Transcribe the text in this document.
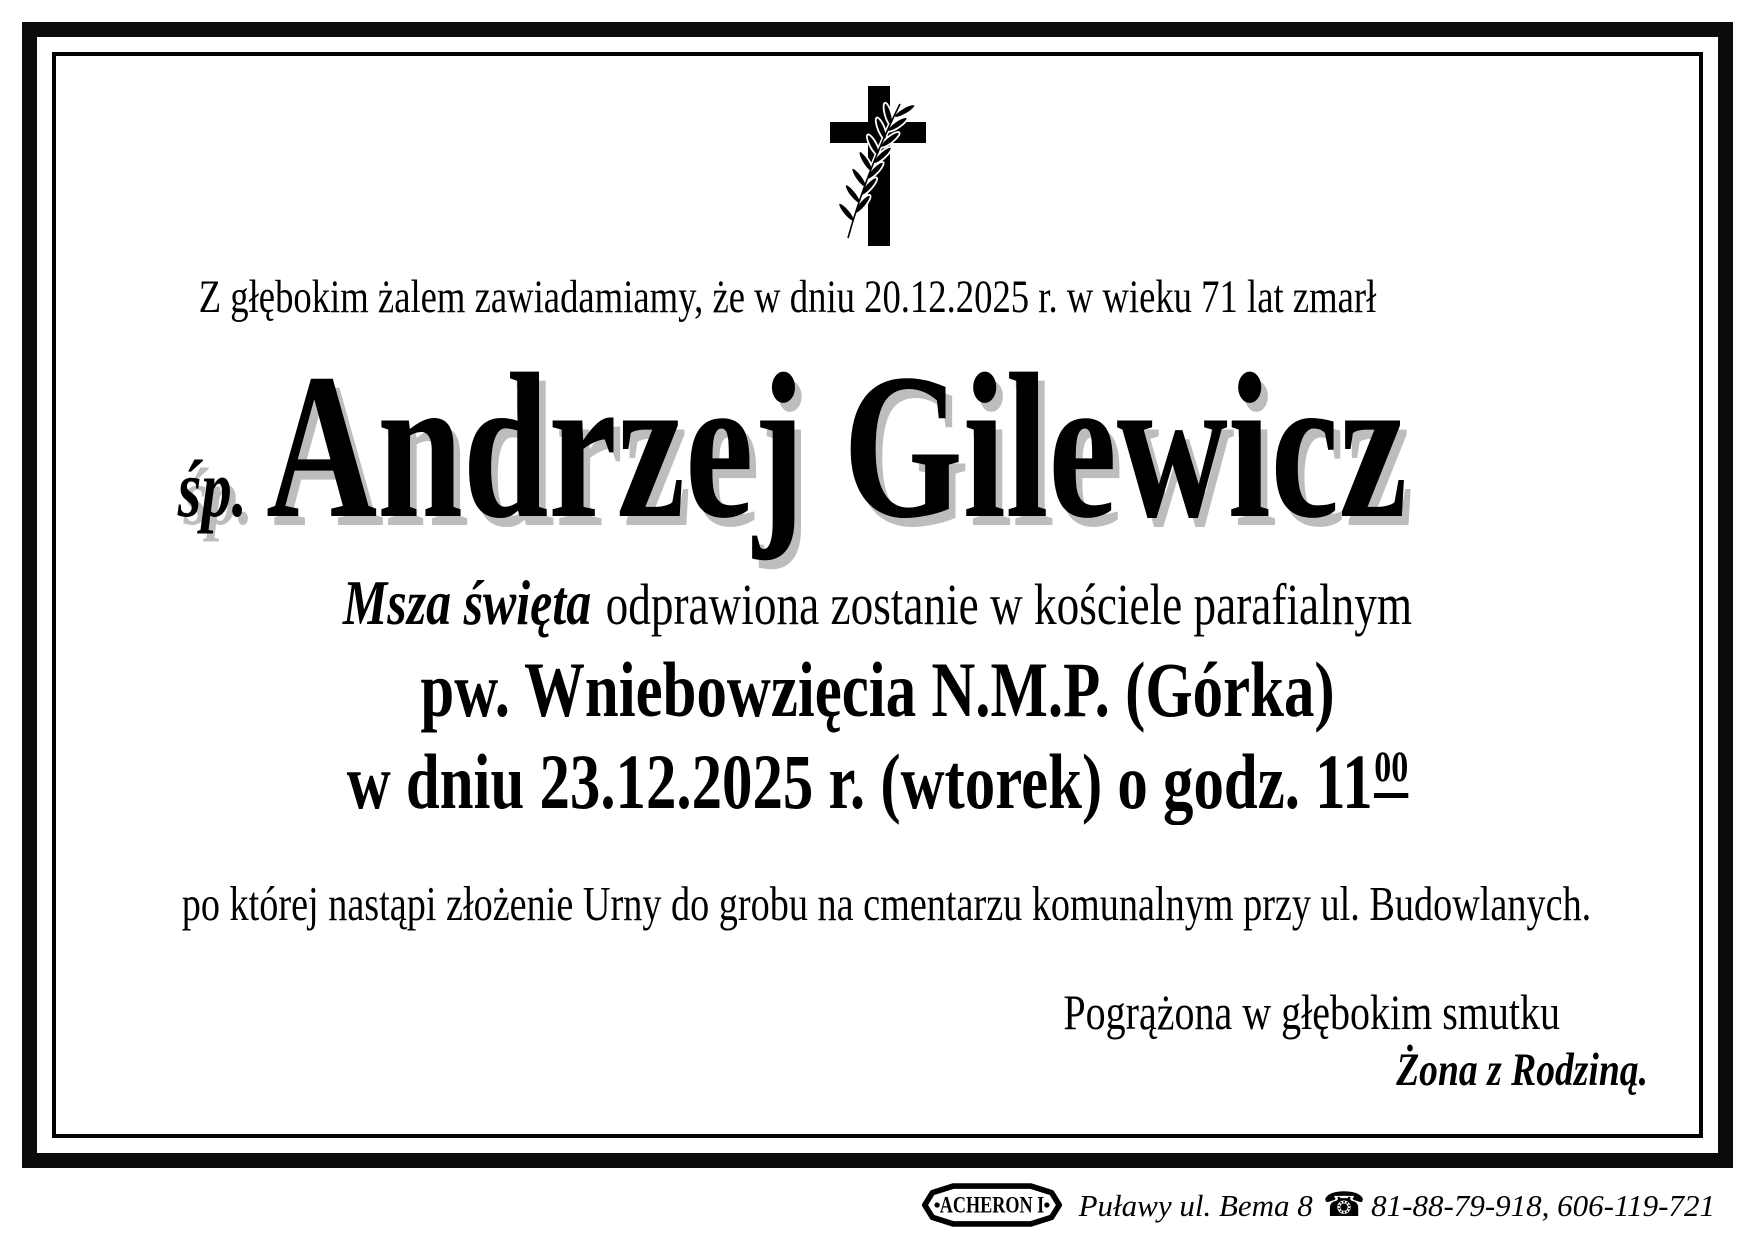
Z głębokim żalem zawiadamiamy, że w dniu 20.12.2025 r. w wieku 71 lat zmarł
śp. Andrzej Gilewicz
Msza święta odprawiona zostanie w kościele parafialnym
pw. Wniebowzięcia N.M.P. (Górka)
w dniu 23.12.2025 r. (wtorek) o godz. 1100
po której nastąpi złożenie Urny do grobu na cmentarzu komunalnym przy ul. Budowlanych.
Pogrążona w głębokim smutku
Żona z Rodziną.
ACHERON I Puławy ul. Bema 8 ☎ 81-88-79-918, 606-119-721
